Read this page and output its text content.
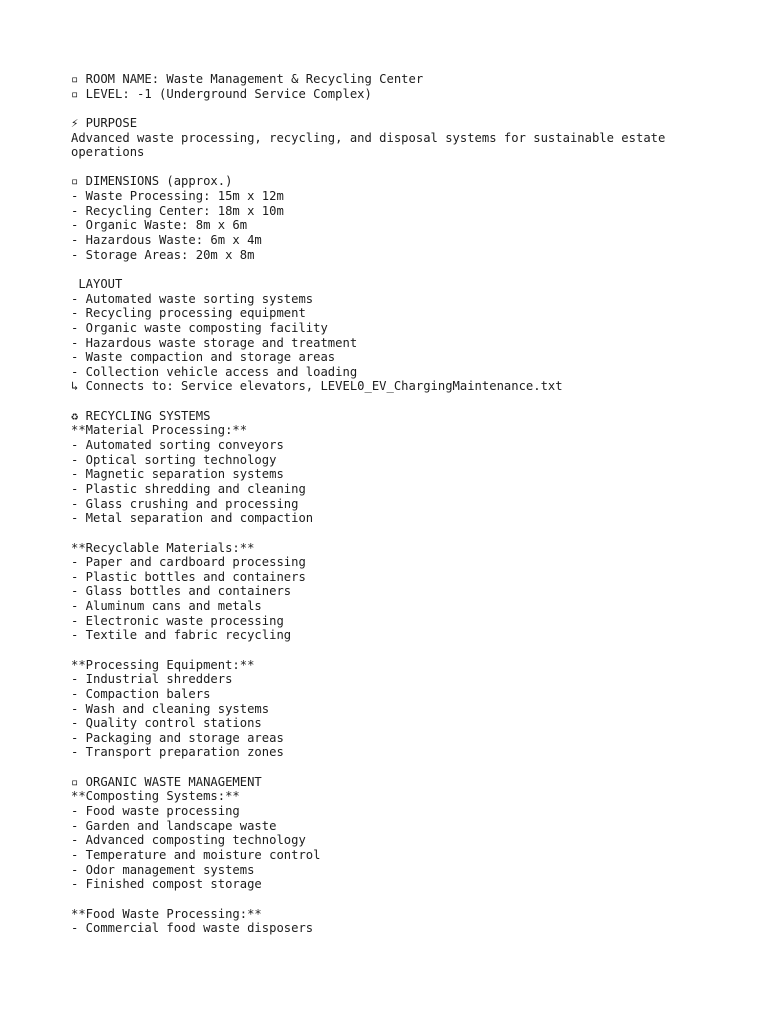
▫ ROOM NAME: Waste Management & Recycling Center
▫ LEVEL: -1 (Underground Service Complex)
⚡ PURPOSE
Advanced waste processing, recycling, and disposal systems for sustainable estate
operations
▫ DIMENSIONS (approx.)
- Waste Processing: 15m x 12m
- Recycling Center: 18m x 10m
- Organic Waste: 8m x 6m
- Hazardous Waste: 6m x 4m
- Storage Areas: 20m x 8m
LAYOUT
- Automated waste sorting systems
- Recycling processing equipment
- Organic waste composting facility
- Hazardous waste storage and treatment
- Waste compaction and storage areas
- Collection vehicle access and loading
↳ Connects to: Service elevators, LEVEL0_EV_ChargingMaintenance.txt
♻ RECYCLING SYSTEMS
**Material Processing:**
- Automated sorting conveyors
- Optical sorting technology
- Magnetic separation systems
- Plastic shredding and cleaning
- Glass crushing and processing
- Metal separation and compaction
**Recyclable Materials:**
- Paper and cardboard processing
- Plastic bottles and containers
- Glass bottles and containers
- Aluminum cans and metals
- Electronic waste processing
- Textile and fabric recycling
**Processing Equipment:**
- Industrial shredders
- Compaction balers
- Wash and cleaning systems
- Quality control stations
- Packaging and storage areas
- Transport preparation zones
▫ ORGANIC WASTE MANAGEMENT
**Composting Systems:**
- Food waste processing
- Garden and landscape waste
- Advanced composting technology
- Temperature and moisture control
- Odor management systems
- Finished compost storage
**Food Waste Processing:**
- Commercial food waste disposers
